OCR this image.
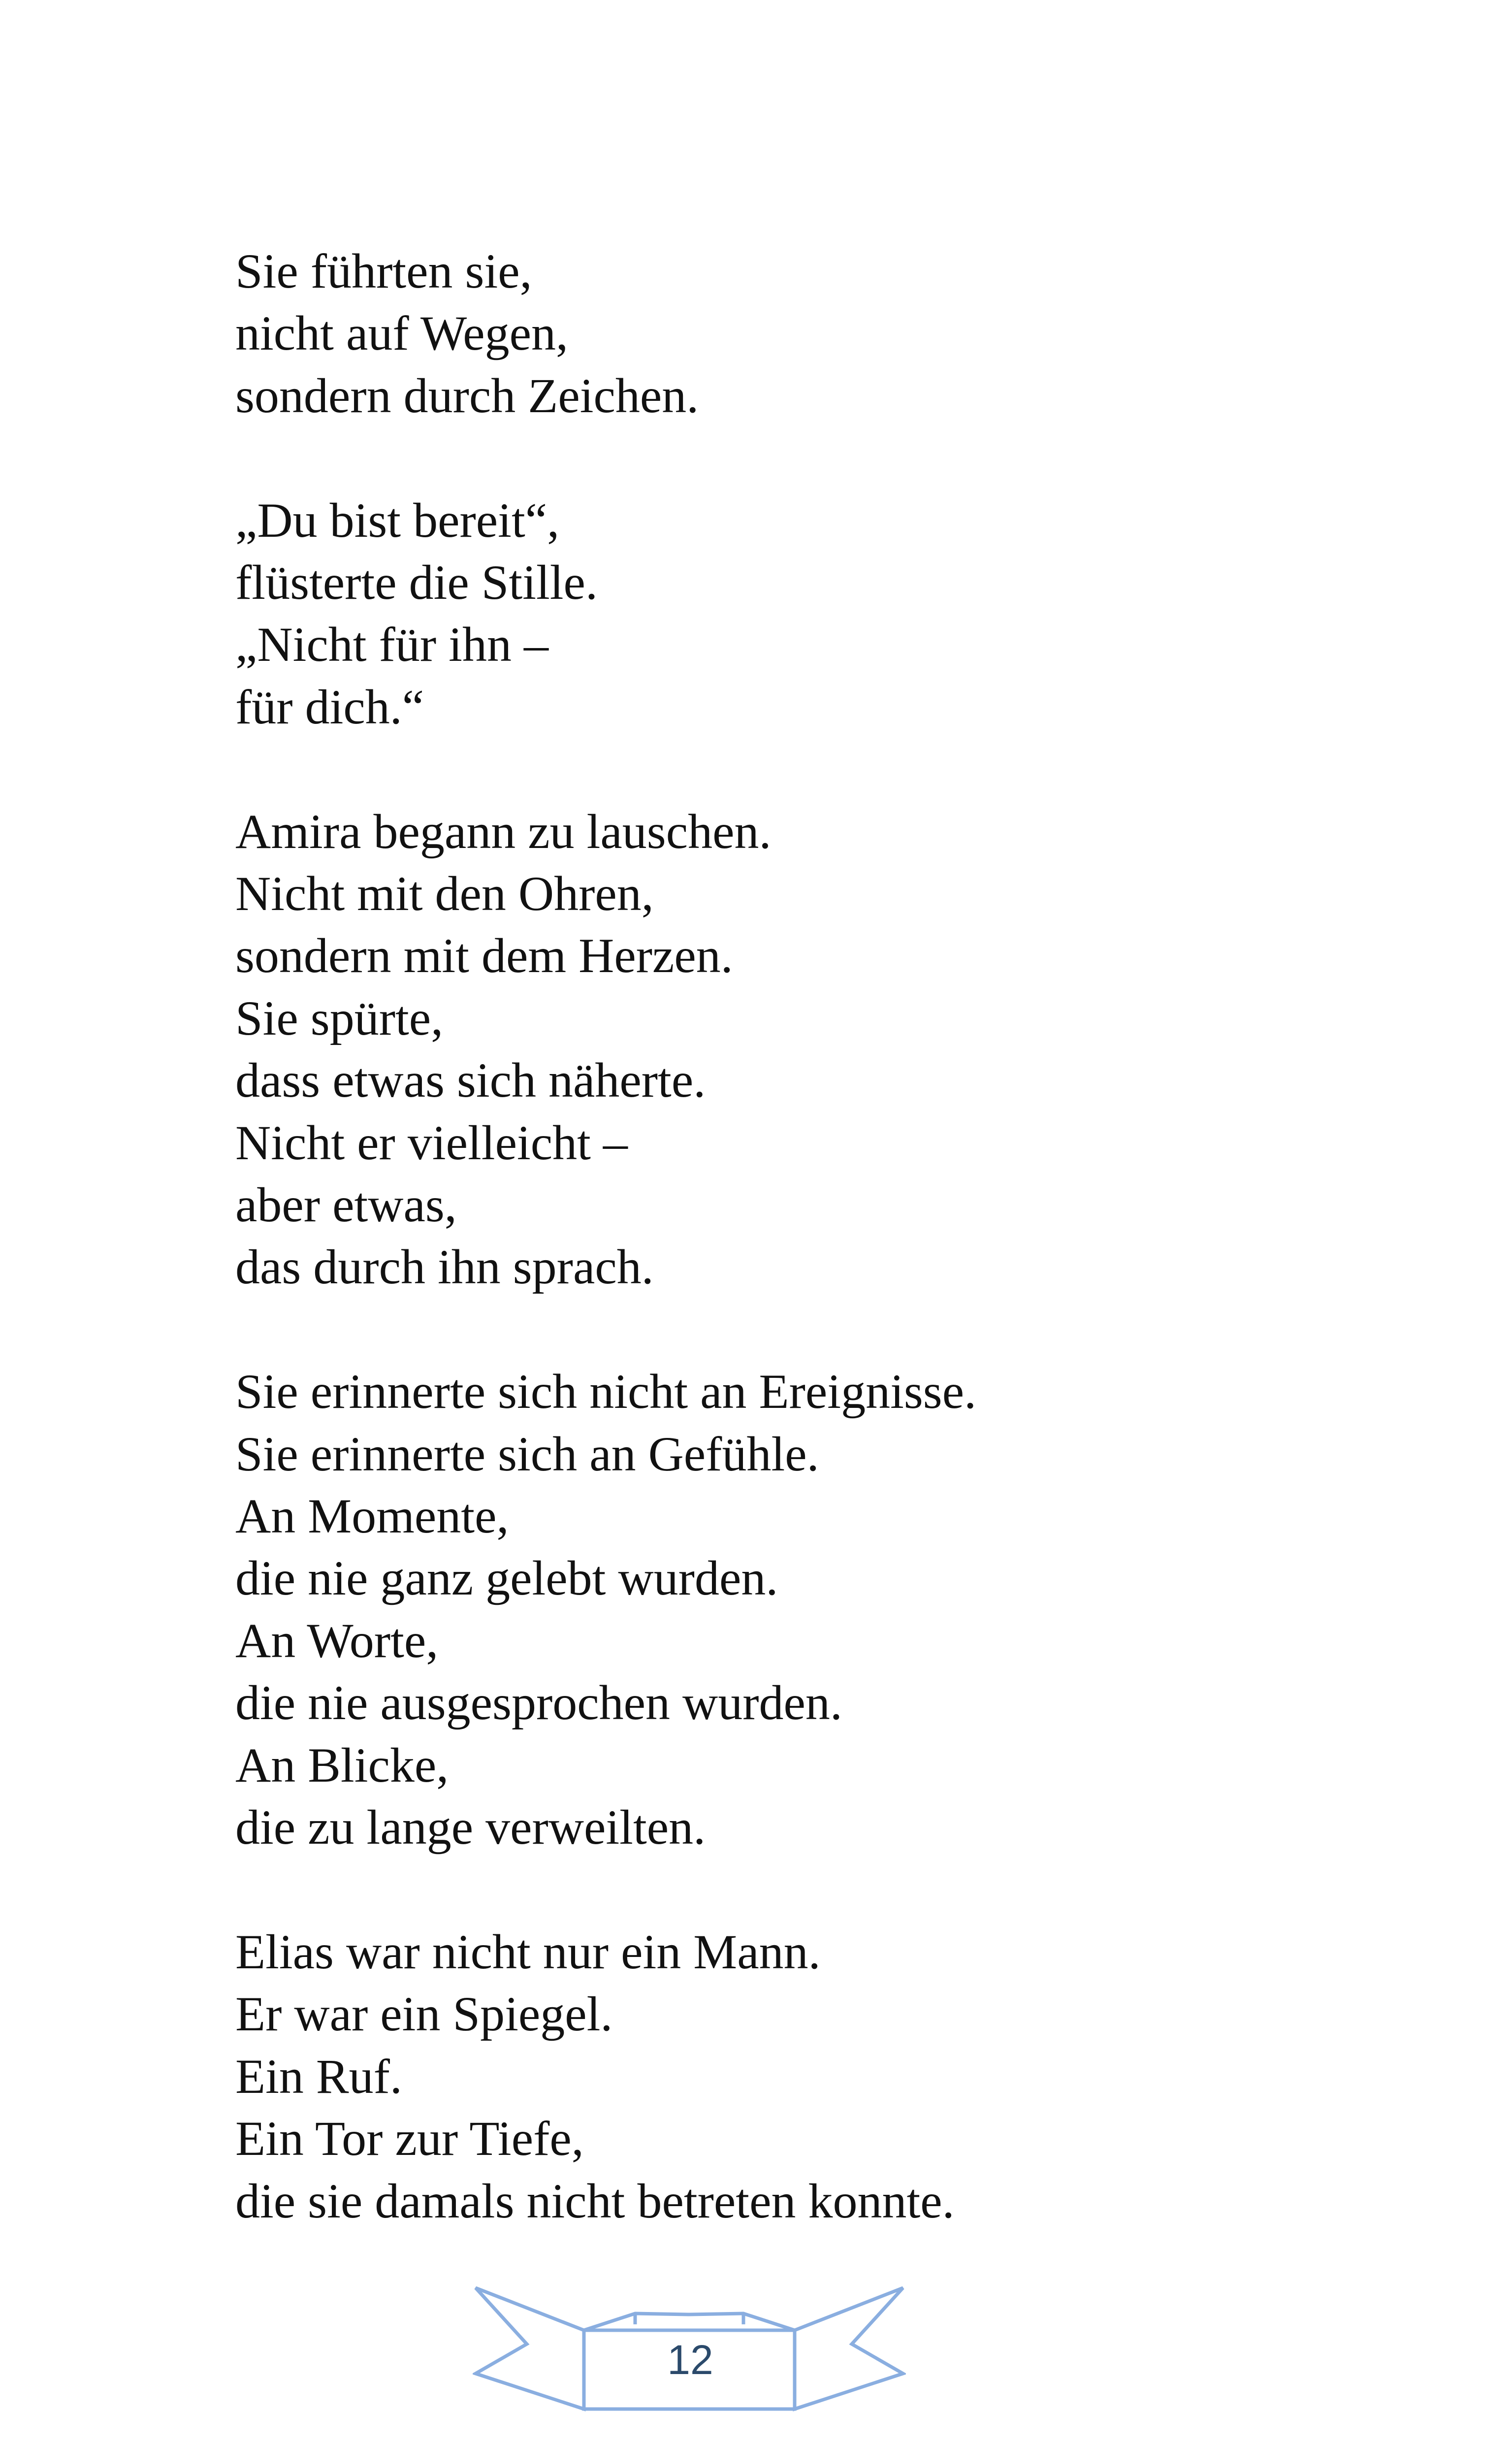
Sie führten sie,
nicht auf Wegen,
sondern durch Zeichen.

„Du bist bereit“,
flüsterte die Stille.
„Nicht für ihn –
für dich.“

Amira begann zu lauschen.
Nicht mit den Ohren,
sondern mit dem Herzen.
Sie spürte,
dass etwas sich näherte.
Nicht er vielleicht –
aber etwas,
das durch ihn sprach.

Sie erinnerte sich nicht an Ereignisse.
Sie erinnerte sich an Gefühle.
An Momente,
die nie ganz gelebt wurden.
An Worte,
die nie ausgesprochen wurden.
An Blicke,
die zu lange verweilten.

Elias war nicht nur ein Mann.
Er war ein Spiegel.
Ein Ruf.
Ein Tor zur Tiefe,
die sie damals nicht betreten konnte.

12
